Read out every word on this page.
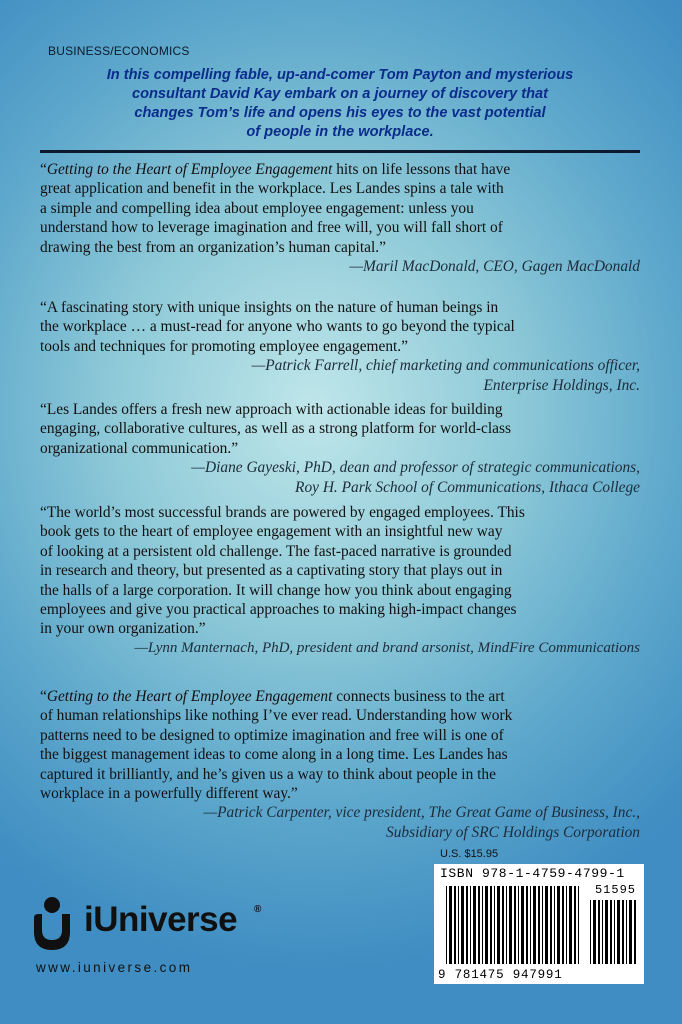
BUSINESS/ECONOMICS
In this compelling fable, up-and-comer Tom Payton and mysterious
consultant David Kay embark on a journey of discovery that
changes Tom’s life and opens his eyes to the vast potential
of people in the workplace.

“Getting to the Heart of Employee Engagement hits on life lessons that have

great application and benefit in the workplace. Les Landes spins a tale with

a simple and compelling idea about employee engagement: unless you

understand how to leverage imagination and free will, you will fall short of

drawing the best from an organization’s human capital.”

—Maril MacDonald, CEO, Gagen MacDonald

“A fascinating story with unique insights on the nature of human beings in

the workplace … a must-read for anyone who wants to go beyond the typical

tools and techniques for promoting employee engagement.”

—Patrick Farrell, chief marketing and communications officer,

Enterprise Holdings, Inc.

“Les Landes offers a fresh new approach with actionable ideas for building

engaging, collaborative cultures, as well as a strong platform for world-class

organizational communication.”

—Diane Gayeski, PhD, dean and professor of strategic communications,

Roy H. Park School of Communications, Ithaca College

“The world’s most successful brands are powered by engaged employees. This

book gets to the heart of employee engagement with an insightful new way

of looking at a persistent old challenge. The fast-paced narrative is grounded

in research and theory, but presented as a captivating story that plays out in

the halls of a large corporation. It will change how you think about engaging

employees and give you practical approaches to making high-impact changes

in your own organization.”

—Lynn Manternach, PhD, president and brand arsonist, MindFire Communications

“Getting to the Heart of Employee Engagement connects business to the art

of human relationships like nothing I’ve ever read. Understanding how work

patterns need to be designed to optimize imagination and free will is one of

the biggest management ideas to come along in a long time. Les Landes has

captured it brilliantly, and he’s given us a way to think about people in the

workplace in a powerfully different way.”

—Patrick Carpenter, vice president, The Great Game of Business, Inc.,

Subsidiary of SRC Holdings Corporation

U.S. $15.95
ISBN 978-1-4759-4799-1
51595
9 781475 947991
iUniverse ®
www.iuniverse.com
